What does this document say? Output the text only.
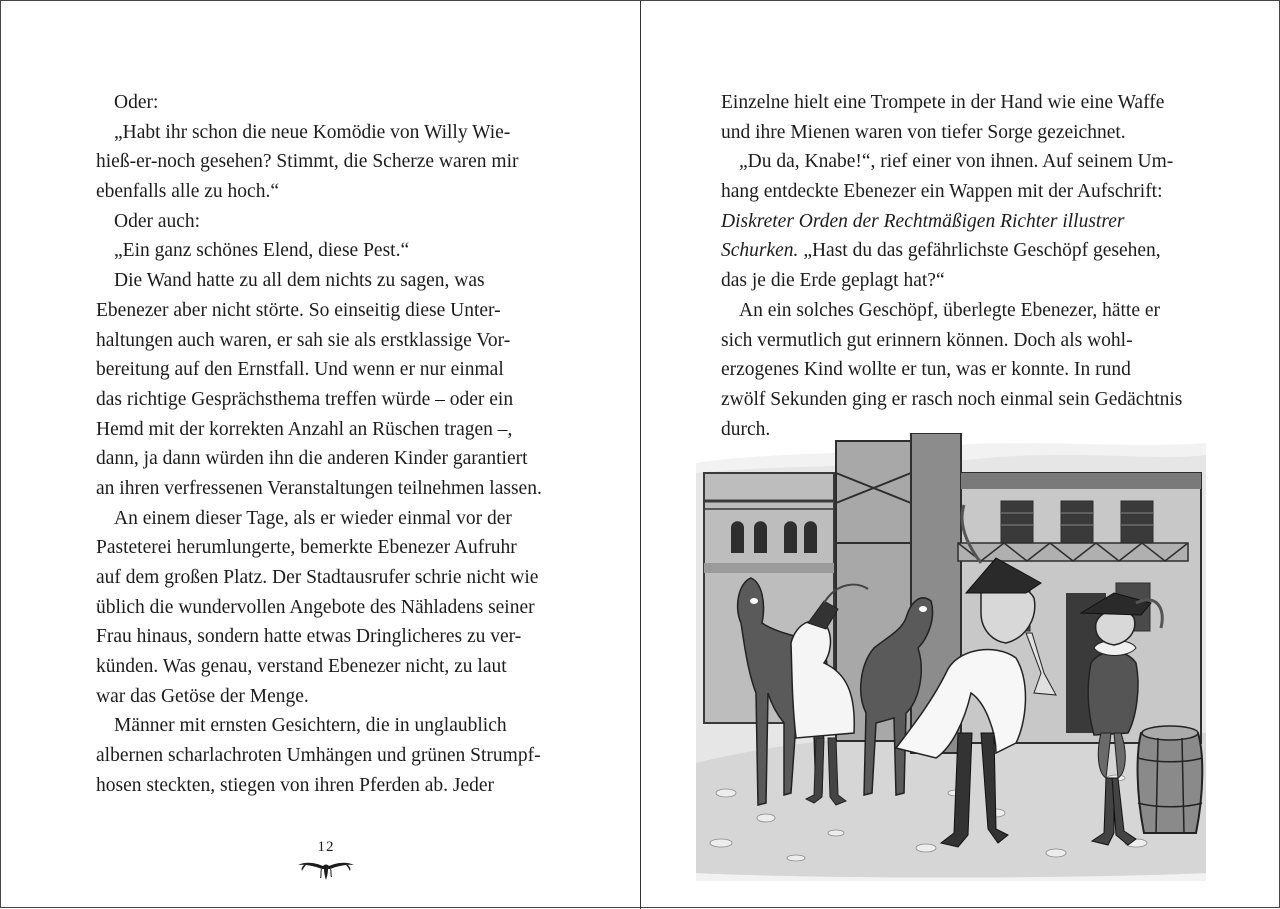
Oder:
„Habt ihr schon die neue Komödie von Willy Wie-
hieß-er-noch gesehen? Stimmt, die Scherze waren mir
ebenfalls alle zu hoch.“
Oder auch:
„Ein ganz schönes Elend, diese Pest.“
Die Wand hatte zu all dem nichts zu sagen, was
Ebenezer aber nicht störte. So einseitig diese Unter-
haltungen auch waren, er sah sie als erstklassige Vor-
bereitung auf den Ernstfall. Und wenn er nur einmal
das richtige Gesprächsthema treffen würde – oder ein
Hemd mit der korrekten Anzahl an Rüschen tragen –,
dann, ja dann würden ihn die anderen Kinder garantiert
an ihren verfressenen Veranstaltungen teilnehmen lassen.
An einem dieser Tage, als er wieder einmal vor der
Pasteterei herumlungerte, bemerkte Ebenezer Aufruhr
auf dem großen Platz. Der Stadtausrufer schrie nicht wie
üblich die wundervollen Angebote des Nähladens seiner
Frau hinaus, sondern hatte etwas Dringlicheres zu ver-
künden. Was genau, verstand Ebenezer nicht, zu laut
war das Getöse der Menge.
Männer mit ernsten Gesichtern, die in unglaublich
albernen scharlachroten Umhängen und grünen Strumpf-
hosen steckten, stiegen von ihren Pferden ab. Jeder
12
Einzelne hielt eine Trompete in der Hand wie eine Waffe
und ihre Mienen waren von tiefer Sorge gezeichnet.
„Du da, Knabe!“, rief einer von ihnen. Auf seinem Um-
hang entdeckte Ebenezer ein Wappen mit der Aufschrift:
Diskreter Orden der Rechtmäßigen Richter illustrer
Schurken. „Hast du das gefährlichste Geschöpf gesehen,
das je die Erde geplagt hat?“
An ein solches Geschöpf, überlegte Ebenezer, hätte er
sich vermutlich gut erinnern können. Doch als wohl-
erzogenes Kind wollte er tun, was er konnte. In rund
zwölf Sekunden ging er rasch noch einmal sein Gedächtnis
durch.
